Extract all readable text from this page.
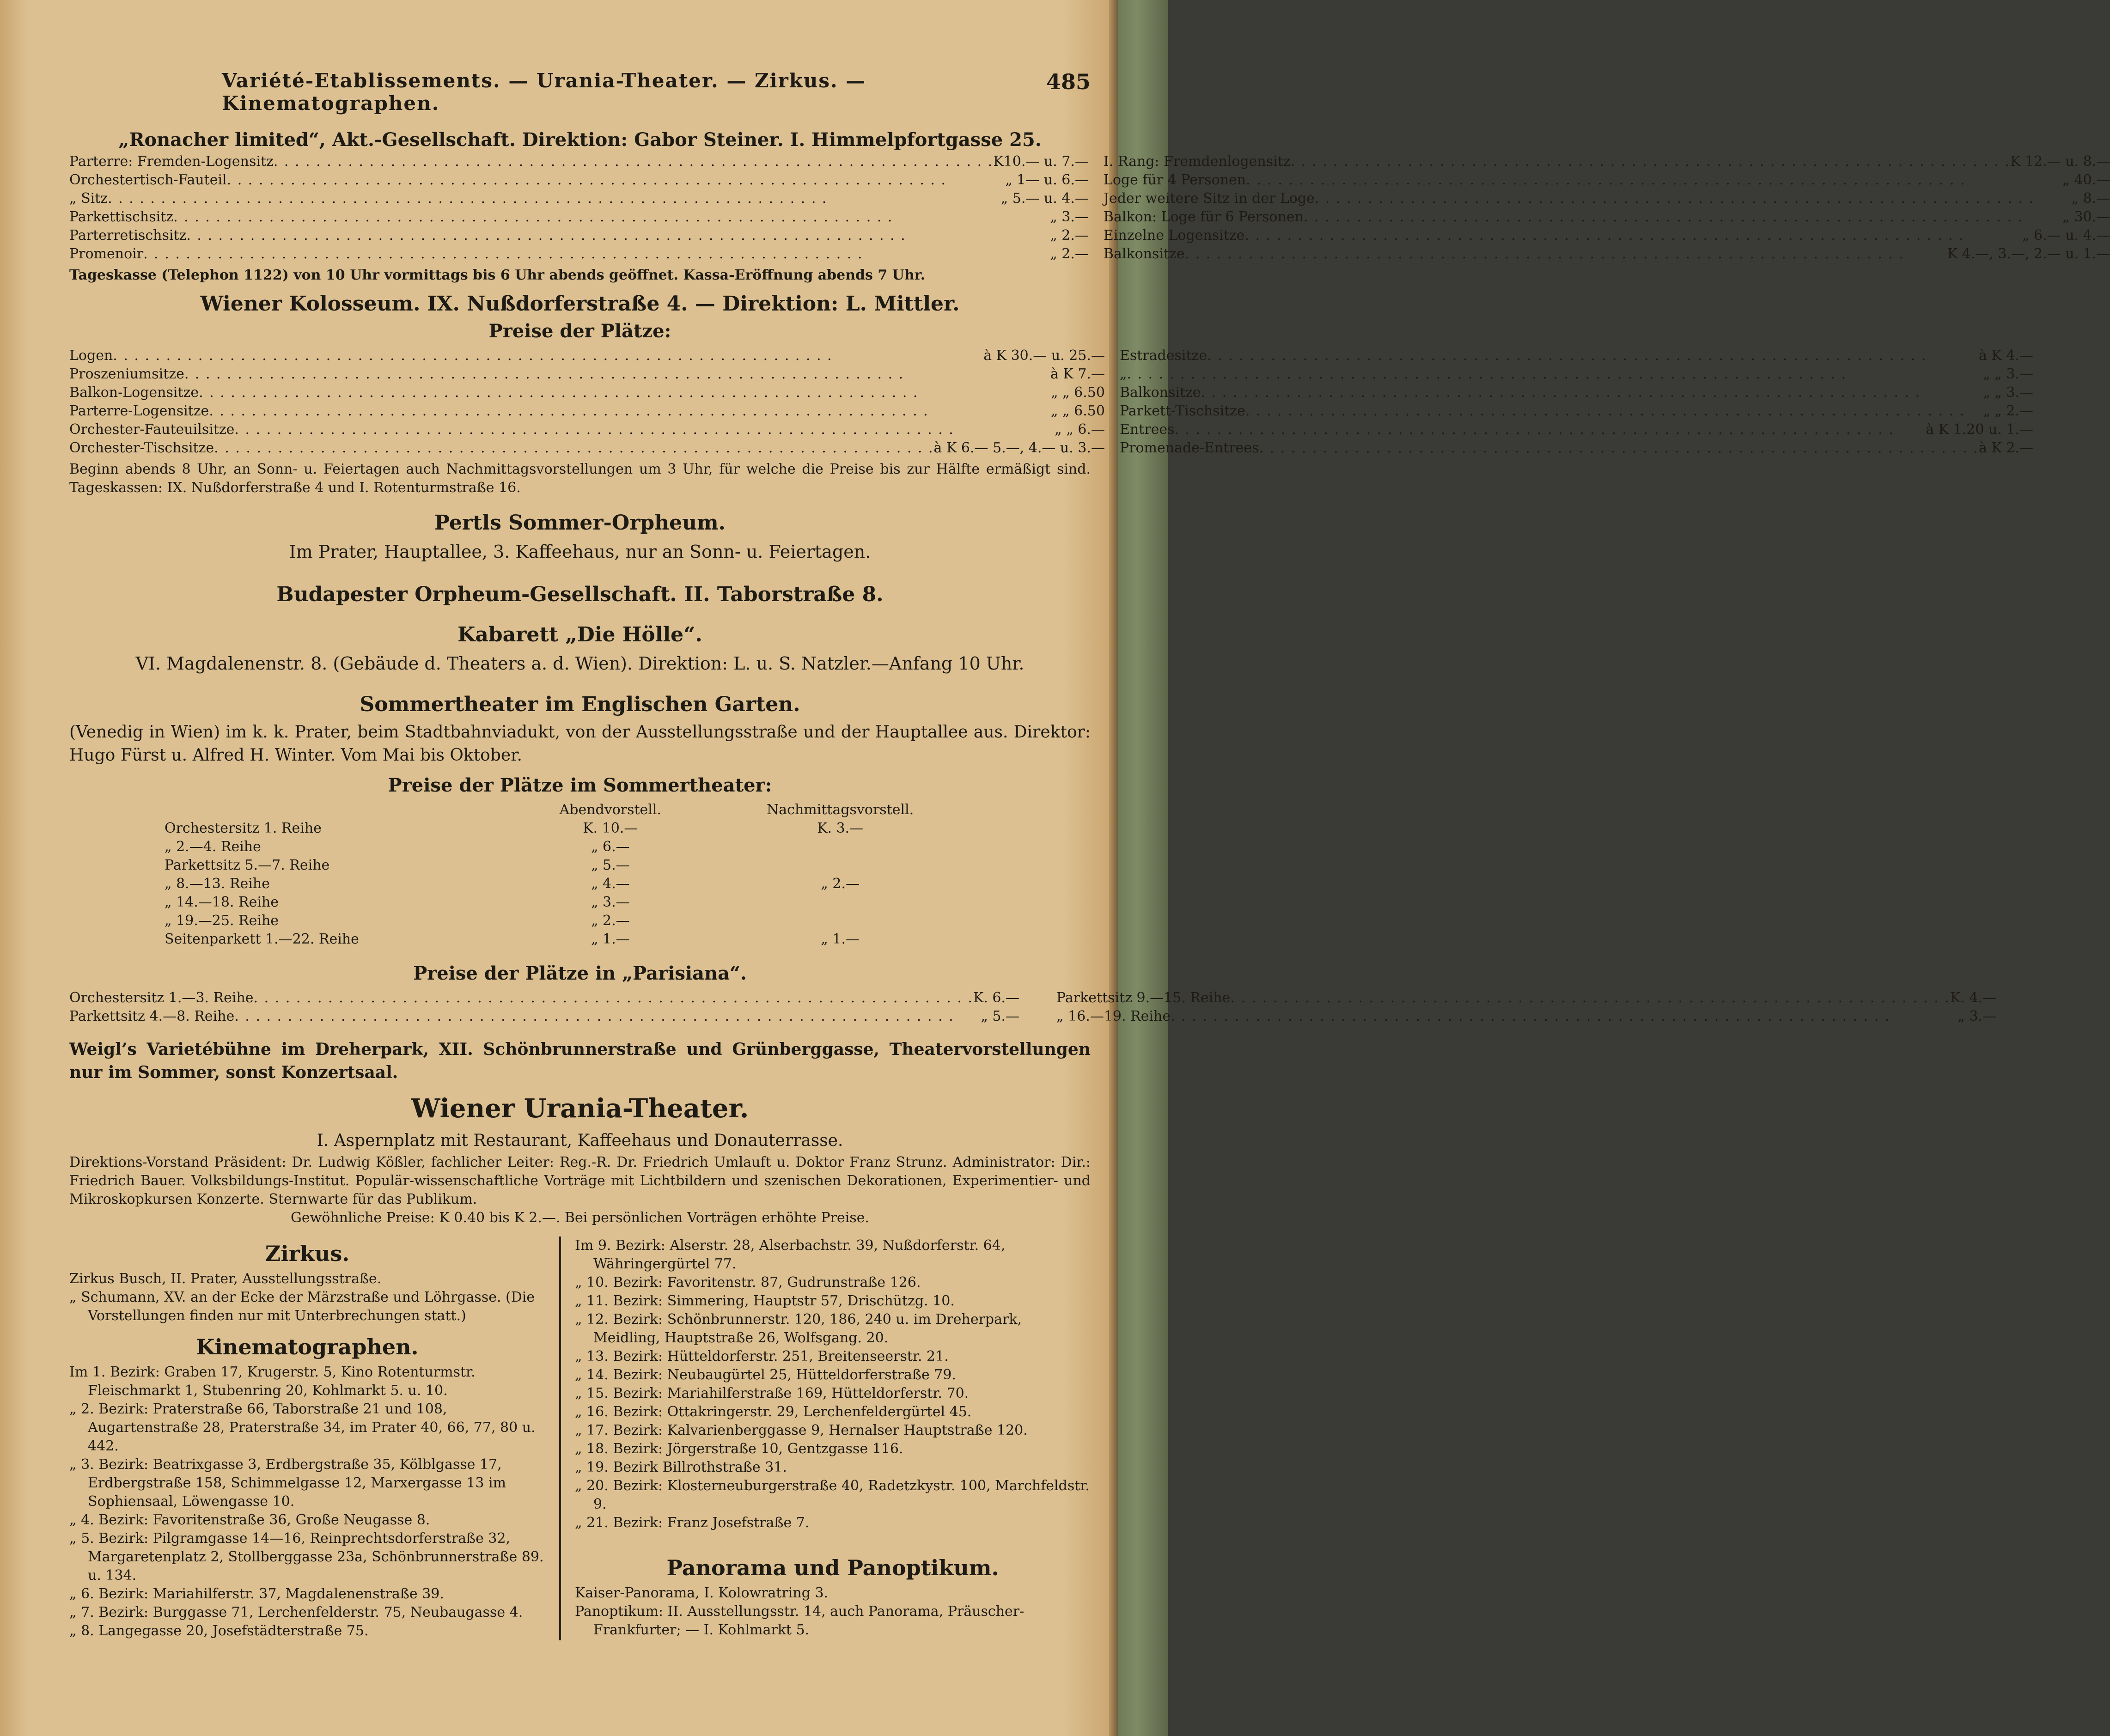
Variété-Etablissements. — Urania-Theater. — Zirkus. — Kinematographen.
485
„Ronacher limited“, Akt.-Gesellschaft. Direktion: Gabor Steiner. I. Himmelpfortgasse 25.
Parterre: Fremden-Logensitz . . .	K10.— u. 7.—
Orchestertisch-Fauteil . . .	„ 1— u. 6.—
„ Sitz . . .	„ 5.— u. 4.—
Parkettischsitz . . .	„ 3.—
Parterretischsitz . . .	„ 2.—
Promenoir . . .	„ 2.—
I. Rang: Fremdenlogensitz . . .	K 12.— u. 8.—
Loge für 4 Personen . . .	„ 40.—
Jeder weitere Sitz in der Loge . . .	„ 8.—
Balkon: Loge für 6 Personen . . .	„ 30.—
Einzelne Logensitze . . .	„ 6.— u. 4.—
Balkonsitze . . .	K 4.—, 3.—, 2.— u. 1.—
Tageskasse (Telephon 1122) von 10 Uhr vormittags bis 6 Uhr abends geöffnet. Kassa-Eröffnung abends 7 Uhr.
Wiener Kolosseum. IX. Nußdorferstraße 4. — Direktion: L. Mittler.
Preise der Plätze:
Logen . . .	à K 30.— u. 25.—
Proszeniumsitze . . .	à K 7.—
Balkon-Logensitze . . .	„ „ 6.50
Parterre-Logensitze . . .	„ „ 6.50
Orchester-Fauteuilsitze . . .	„ „ 6.—
Orchester-Tischsitze . . .	à K 6.— 5.—, 4.— u. 3.—
Estradesitze . . .	à K 4.—
„ . . .	„ „ 3.—
Balkonsitze . . .	„ „ 3.—
Parkett-Tischsitze . . .	„ „ 2.—
Entrees . . .	à K 1.20 u. 1.—
Promenade-Entrees . . .	à K 2.—
Beginn abends 8 Uhr, an Sonn- u. Feiertagen auch Nachmittagsvorstellungen um 3 Uhr, für welche die Preise bis zur Hälfte ermäßigt sind. Tageskassen: IX. Nußdorferstraße 4 und I. Rotenturmstraße 16.
Pertls Sommer-Orpheum.
Im Prater, Hauptallee, 3. Kaffeehaus, nur an Sonn- u. Feiertagen.
Budapester Orpheum-Gesellschaft. II. Taborstraße 8.
Kabarett „Die Hölle“.
VI. Magdalenenstr. 8. (Gebäude d. Theaters a. d. Wien). Direktion: L. u. S. Natzler.—Anfang 10 Uhr.
Sommertheater im Englischen Garten.
(Venedig in Wien) im k. k. Prater, beim Stadtbahnviadukt, von der Ausstellungsstraße und der Hauptallee aus. Direktor: Hugo Fürst u. Alfred H. Winter. Vom Mai bis Oktober.
Preise der Plätze im Sommertheater:
	Abendvorstell.	Nachmittagsvorstell.
Orchestersitz 1. Reihe	K. 10.—	K. 3.—
„ 2.—4. Reihe	„ 6.—	
Parkettsitz 5.—7. Reihe	„ 5.—	
„ 8.—13. Reihe	„ 4.—	„ 2.—
„ 14.—18. Reihe	„ 3.—	
„ 19.—25. Reihe	„ 2.—	
Seitenparkett 1.—22. Reihe	„ 1.—	„ 1.—
Preise der Plätze in „Parisiana“.
Orchestersitz 1.—3. Reihe . . .	K. 6.—
Parkettsitz 4.—8. Reihe . . .	„ 5.—
Parkettsitz 9.—15. Reihe . . .	K. 4.—
„ 16.—19. Reihe . . .	„ 3.—
Weigl’s Varietébühne im Dreherpark, XII. Schönbrunnerstraße und Grünberggasse, Theatervorstellungen nur im Sommer, sonst Konzertsaal.
Wiener Urania-Theater.
I. Aspernplatz mit Restaurant, Kaffeehaus und Donauterrasse.
Direktions-Vorstand Präsident: Dr. Ludwig Kößler, fachlicher Leiter: Reg.-R. Dr. Friedrich Umlauft u. Doktor Franz Strunz. Administrator: Dir.: Friedrich Bauer. Volksbildungs-Institut. Populär-wissenschaftliche Vorträge mit Lichtbildern und szenischen Dekorationen, Experimentier- und Mikroskopkursen Konzerte. Sternwarte für das Publikum.
Gewöhnliche Preise: K 0.40 bis K 2.—. Bei persönlichen Vorträgen erhöhte Preise.
Zirkus.
Zirkus Busch, II. Prater, Ausstellungsstraße.
„ Schumann, XV. an der Ecke der Märzstraße und Löhrgasse. (Die Vorstellungen finden nur mit Unterbrechungen statt.)
Kinematographen.
Im 1. Bezirk: Graben 17, Krugerstr. 5, Kino Rotenturmstr. Fleischmarkt 1, Stubenring 20, Kohlmarkt 5. u. 10.
„ 2. Bezirk: Praterstraße 66, Taborstraße 21 und 108, Augartenstraße 28, Praterstraße 34, im Prater 40, 66, 77, 80 u. 442.
„ 3. Bezirk: Beatrixgasse 3, Erdbergstraße 35, Kölblgasse 17, Erdbergstraße 158, Schimmelgasse 12, Marxergasse 13 im Sophiensaal, Löwengasse 10.
„ 4. Bezirk: Favoritenstraße 36, Große Neugasse 8.
„ 5. Bezirk: Pilgramgasse 14—16, Reinprechtsdorferstraße 32, Margaretenplatz 2, Stollberggasse 23a, Schönbrunnerstraße 89. u. 134.
„ 6. Bezirk: Mariahilferstr. 37, Magdalenenstraße 39.
„ 7. Bezirk: Burggasse 71, Lerchenfelderstr. 75, Neubaugasse 4.
„ 8. Langegasse 20, Josefstädterstraße 75.
Im 9. Bezirk: Alserstr. 28, Alserbachstr. 39, Nußdorferstr. 64, Währingergürtel 77.
„ 10. Bezirk: Favoritenstr. 87, Gudrunstraße 126.
„ 11. Bezirk: Simmering, Hauptstr 57, Drischützg. 10.
„ 12. Bezirk: Schönbrunnerstr. 120, 186, 240 u. im Dreherpark, Meidling, Hauptstraße 26, Wolfsgang. 20.
„ 13. Bezirk: Hütteldorferstr. 251, Breitenseerstr. 21.
„ 14. Bezirk: Neubaugürtel 25, Hütteldorferstraße 79.
„ 15. Bezirk: Mariahilferstraße 169, Hütteldorferstr. 70.
„ 16. Bezirk: Ottakringerstr. 29, Lerchenfeldergürtel 45.
„ 17. Bezirk: Kalvarienberggasse 9, Hernalser Hauptstraße 120.
„ 18. Bezirk: Jörgerstraße 10, Gentzgasse 116.
„ 19. Bezirk Billrothstraße 31.
„ 20. Bezirk: Klosterneuburgerstraße 40, Radetzkystr. 100, Marchfeldstr. 9.
„ 21. Bezirk: Franz Josefstraße 7.
Panorama und Panoptikum.
Kaiser-Panorama, I. Kolowratring 3.
Panoptikum: II. Ausstellungsstr. 14, auch Panorama, Präuscher-Frankfurter; — I. Kohlmarkt 5.
